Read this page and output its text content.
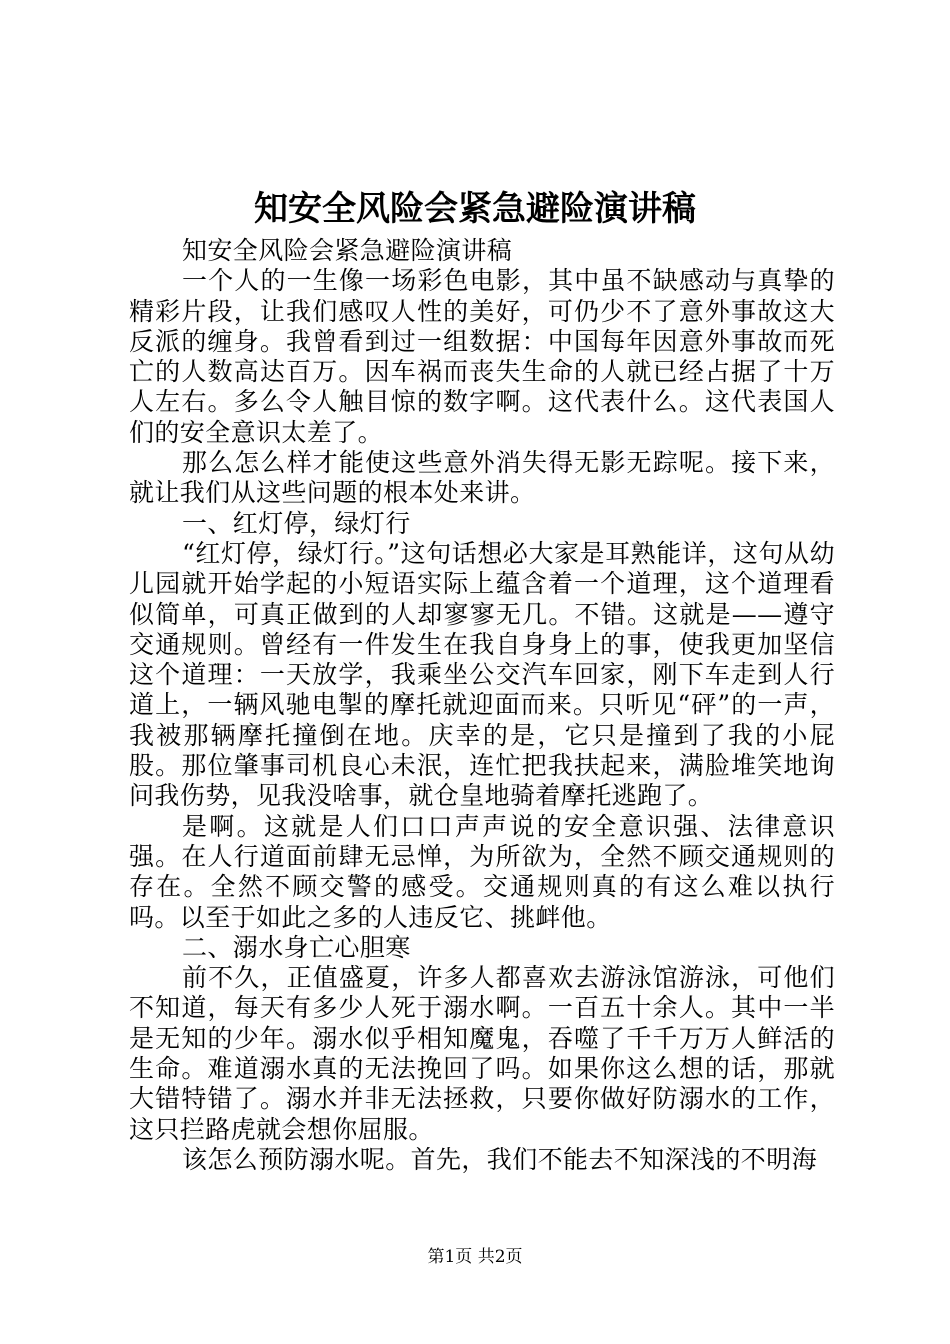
知安全风险会紧急避险演讲稿

知安全风险会紧急避险演讲稿

一个人的一生像一场彩色电影，其中虽不缺感动与真挚的精彩片段，让我们感叹人性的美好，可仍少不了意外事故这大反派的缠身。我曾看到过一组数据：中国每年因意外事故而死亡的人数高达百万。因车祸而丧失生命的人就已经占据了十万人左右。多么令人触目惊的数字啊。这代表什么。这代表国人们的安全意识太差了。

那么怎么样才能使这些意外消失得无影无踪呢。接下来，就让我们从这些问题的根本处来讲。

一、红灯停，绿灯行

“红灯停，绿灯行。”这句话想必大家是耳熟能详，这句从幼儿园就开始学起的小短语实际上蕴含着一个道理，这个道理看似简单，可真正做到的人却寥寥无几。不错。这就是——遵守交通规则。曾经有一件发生在我自身身上的事，使我更加坚信这个道理：一天放学，我乘坐公交汽车回家，刚下车走到人行道上，一辆风驰电掣的摩托就迎面而来。只听见“砰”的一声，我被那辆摩托撞倒在地。庆幸的是，它只是撞到了我的小屁股。那位肇事司机良心未泯，连忙把我扶起来，满脸堆笑地询问我伤势，见我没啥事，就仓皇地骑着摩托逃跑了。

是啊。这就是人们口口声声说的安全意识强、法律意识强。在人行道面前肆无忌惮，为所欲为，全然不顾交通规则的存在。全然不顾交警的感受。交通规则真的有这么难以执行吗。以至于如此之多的人违反它、挑衅他。

二、溺水身亡心胆寒

前不久，正值盛夏，许多人都喜欢去游泳馆游泳，可他们不知道，每天有多少人死于溺水啊。一百五十余人。其中一半是无知的少年。溺水似乎相知魔鬼，吞噬了千千万万人鲜活的生命。难道溺水真的无法挽回了吗。如果你这么想的话，那就大错特错了。溺水并非无法拯救，只要你做好防溺水的工作，这只拦路虎就会想你屈服。

该怎么预防溺水呢。首先，我们不能去不知深浅的不明海

第1页 共2页
